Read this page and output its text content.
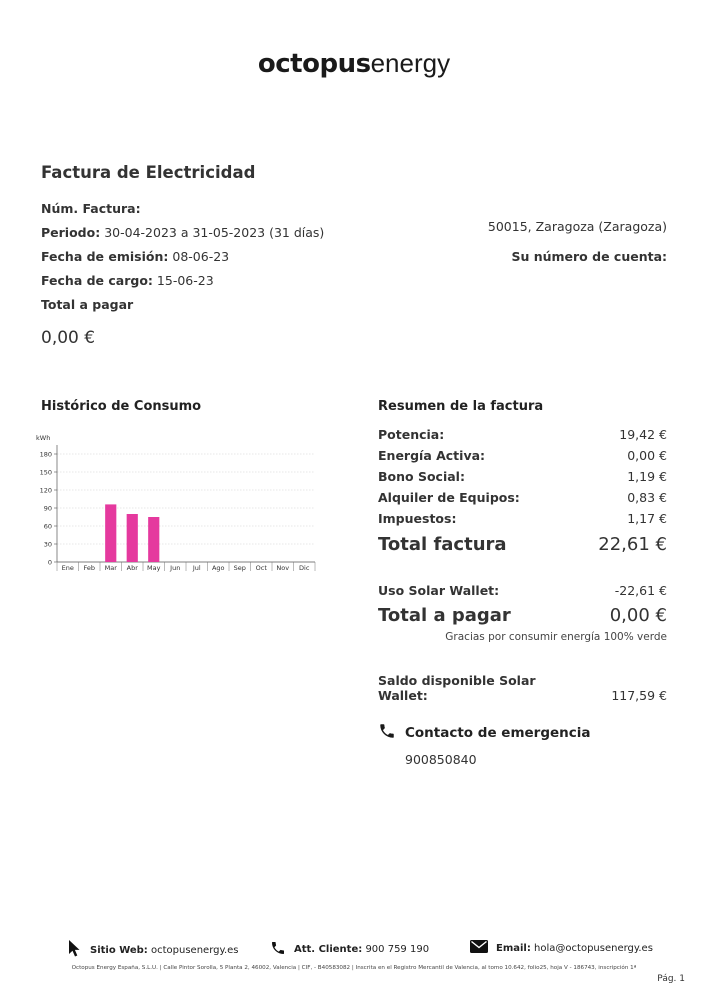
octopusenergy
Factura de Electricidad
Núm. Factura:
Periodo: 30-04-2023 a 31-05-2023 (31 días)
Fecha de emisión: 08-06-23
Fecha de cargo: 15-06-23
Total a pagar
0,00 €
50015, Zaragoza (Zaragoza)
Su número de cuenta:
Histórico de Consumo
kWh
0
30
60
90
120
150
180
Ene Feb Mar Abr May Jun Jul Ago Sep Oct Nov Dic
Resumen de la factura
Potencia:	19,42 €
Energía Activa:	0,00 €
Bono Social:	1,19 €
Alquiler de Equipos:	0,83 €
Impuestos:	1,17 €
Total factura	22,61 €
Uso Solar Wallet:	-22,61 €
Total a pagar	0,00 €
Gracias por consumir energía 100% verde
Saldo disponible Solar Wallet:	117,59 €
Contacto de emergencia
900850840
Sitio Web: octopusenergy.es	Att. Cliente: 900 759 190	Email: hola@octopusenergy.es
Octopus Energy España, S.L.U. | Calle Pintor Sorolla, 5 Planta 2, 46002, Valencia | CIF, - B40583082 | Inscrita en el Registro Mercantil de Valencia, al tomo 10.642, folio25, hoja V - 186743, inscripción 1ª
Pág. 1
